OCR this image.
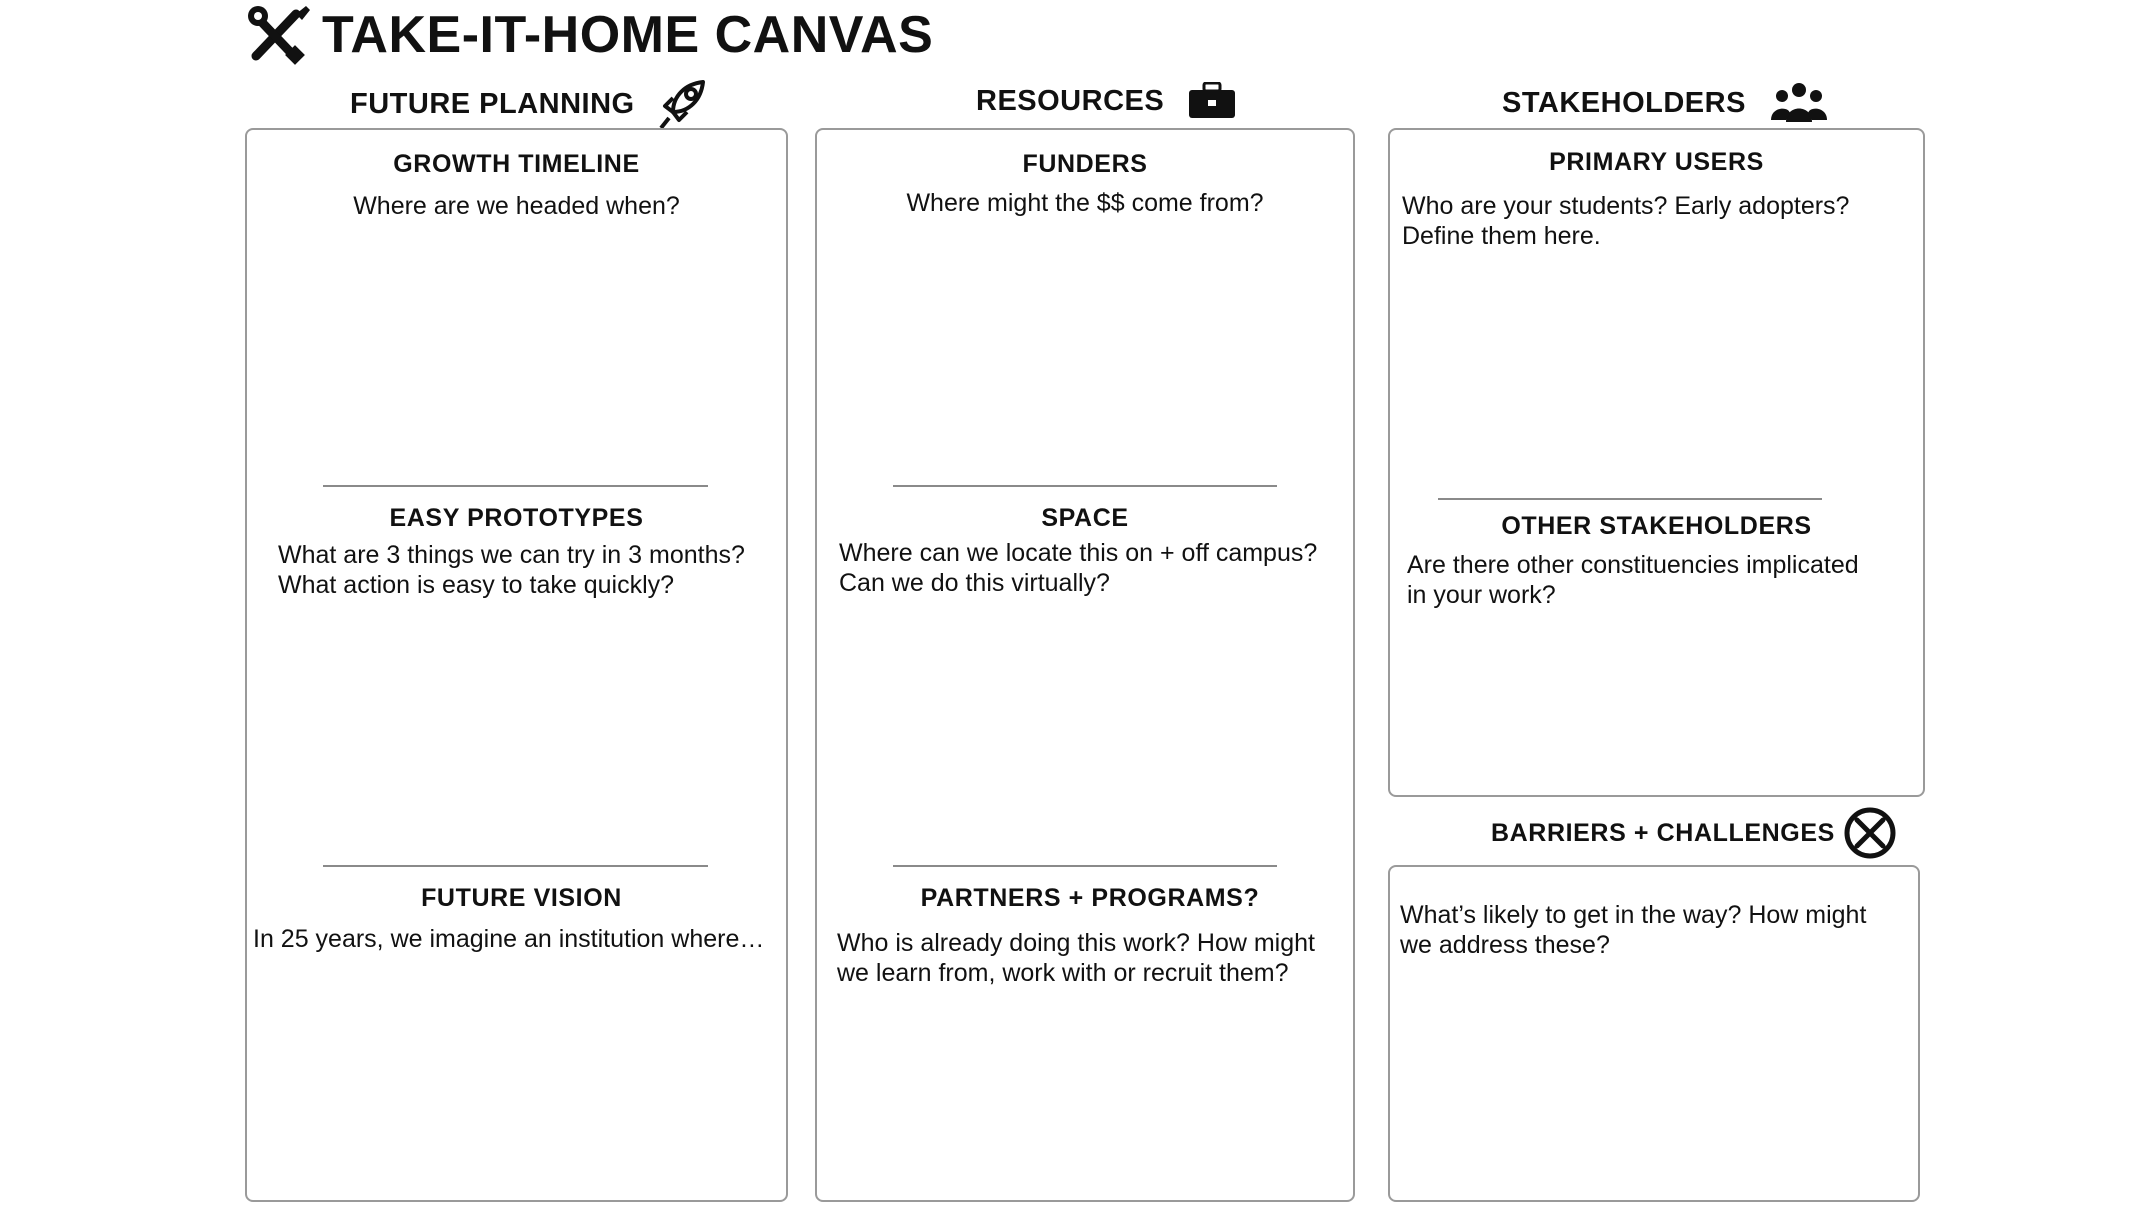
TAKE-IT-HOME CANVAS
FUTURE PLANNING	RESOURCES	STAKEHOLDERS
GROWTH TIMELINE
Where are we headed when?
EASY PROTOTYPES
What are 3 things we can try in 3 months?
What action is easy to take quickly?
FUTURE VISION
In 25 years, we imagine an institution where…
FUNDERS
Where might the $$ come from?
SPACE
Where can we locate this on + off campus?
Can we do this virtually?
PARTNERS + PROGRAMS?
Who is already doing this work? How might
we learn from, work with or recruit them?
PRIMARY USERS
Who are your students? Early adopters?
Define them here.
OTHER STAKEHOLDERS
Are there other constituencies implicated
in your work?
BARRIERS + CHALLENGES
What’s likely to get in the way? How might
we address these?
